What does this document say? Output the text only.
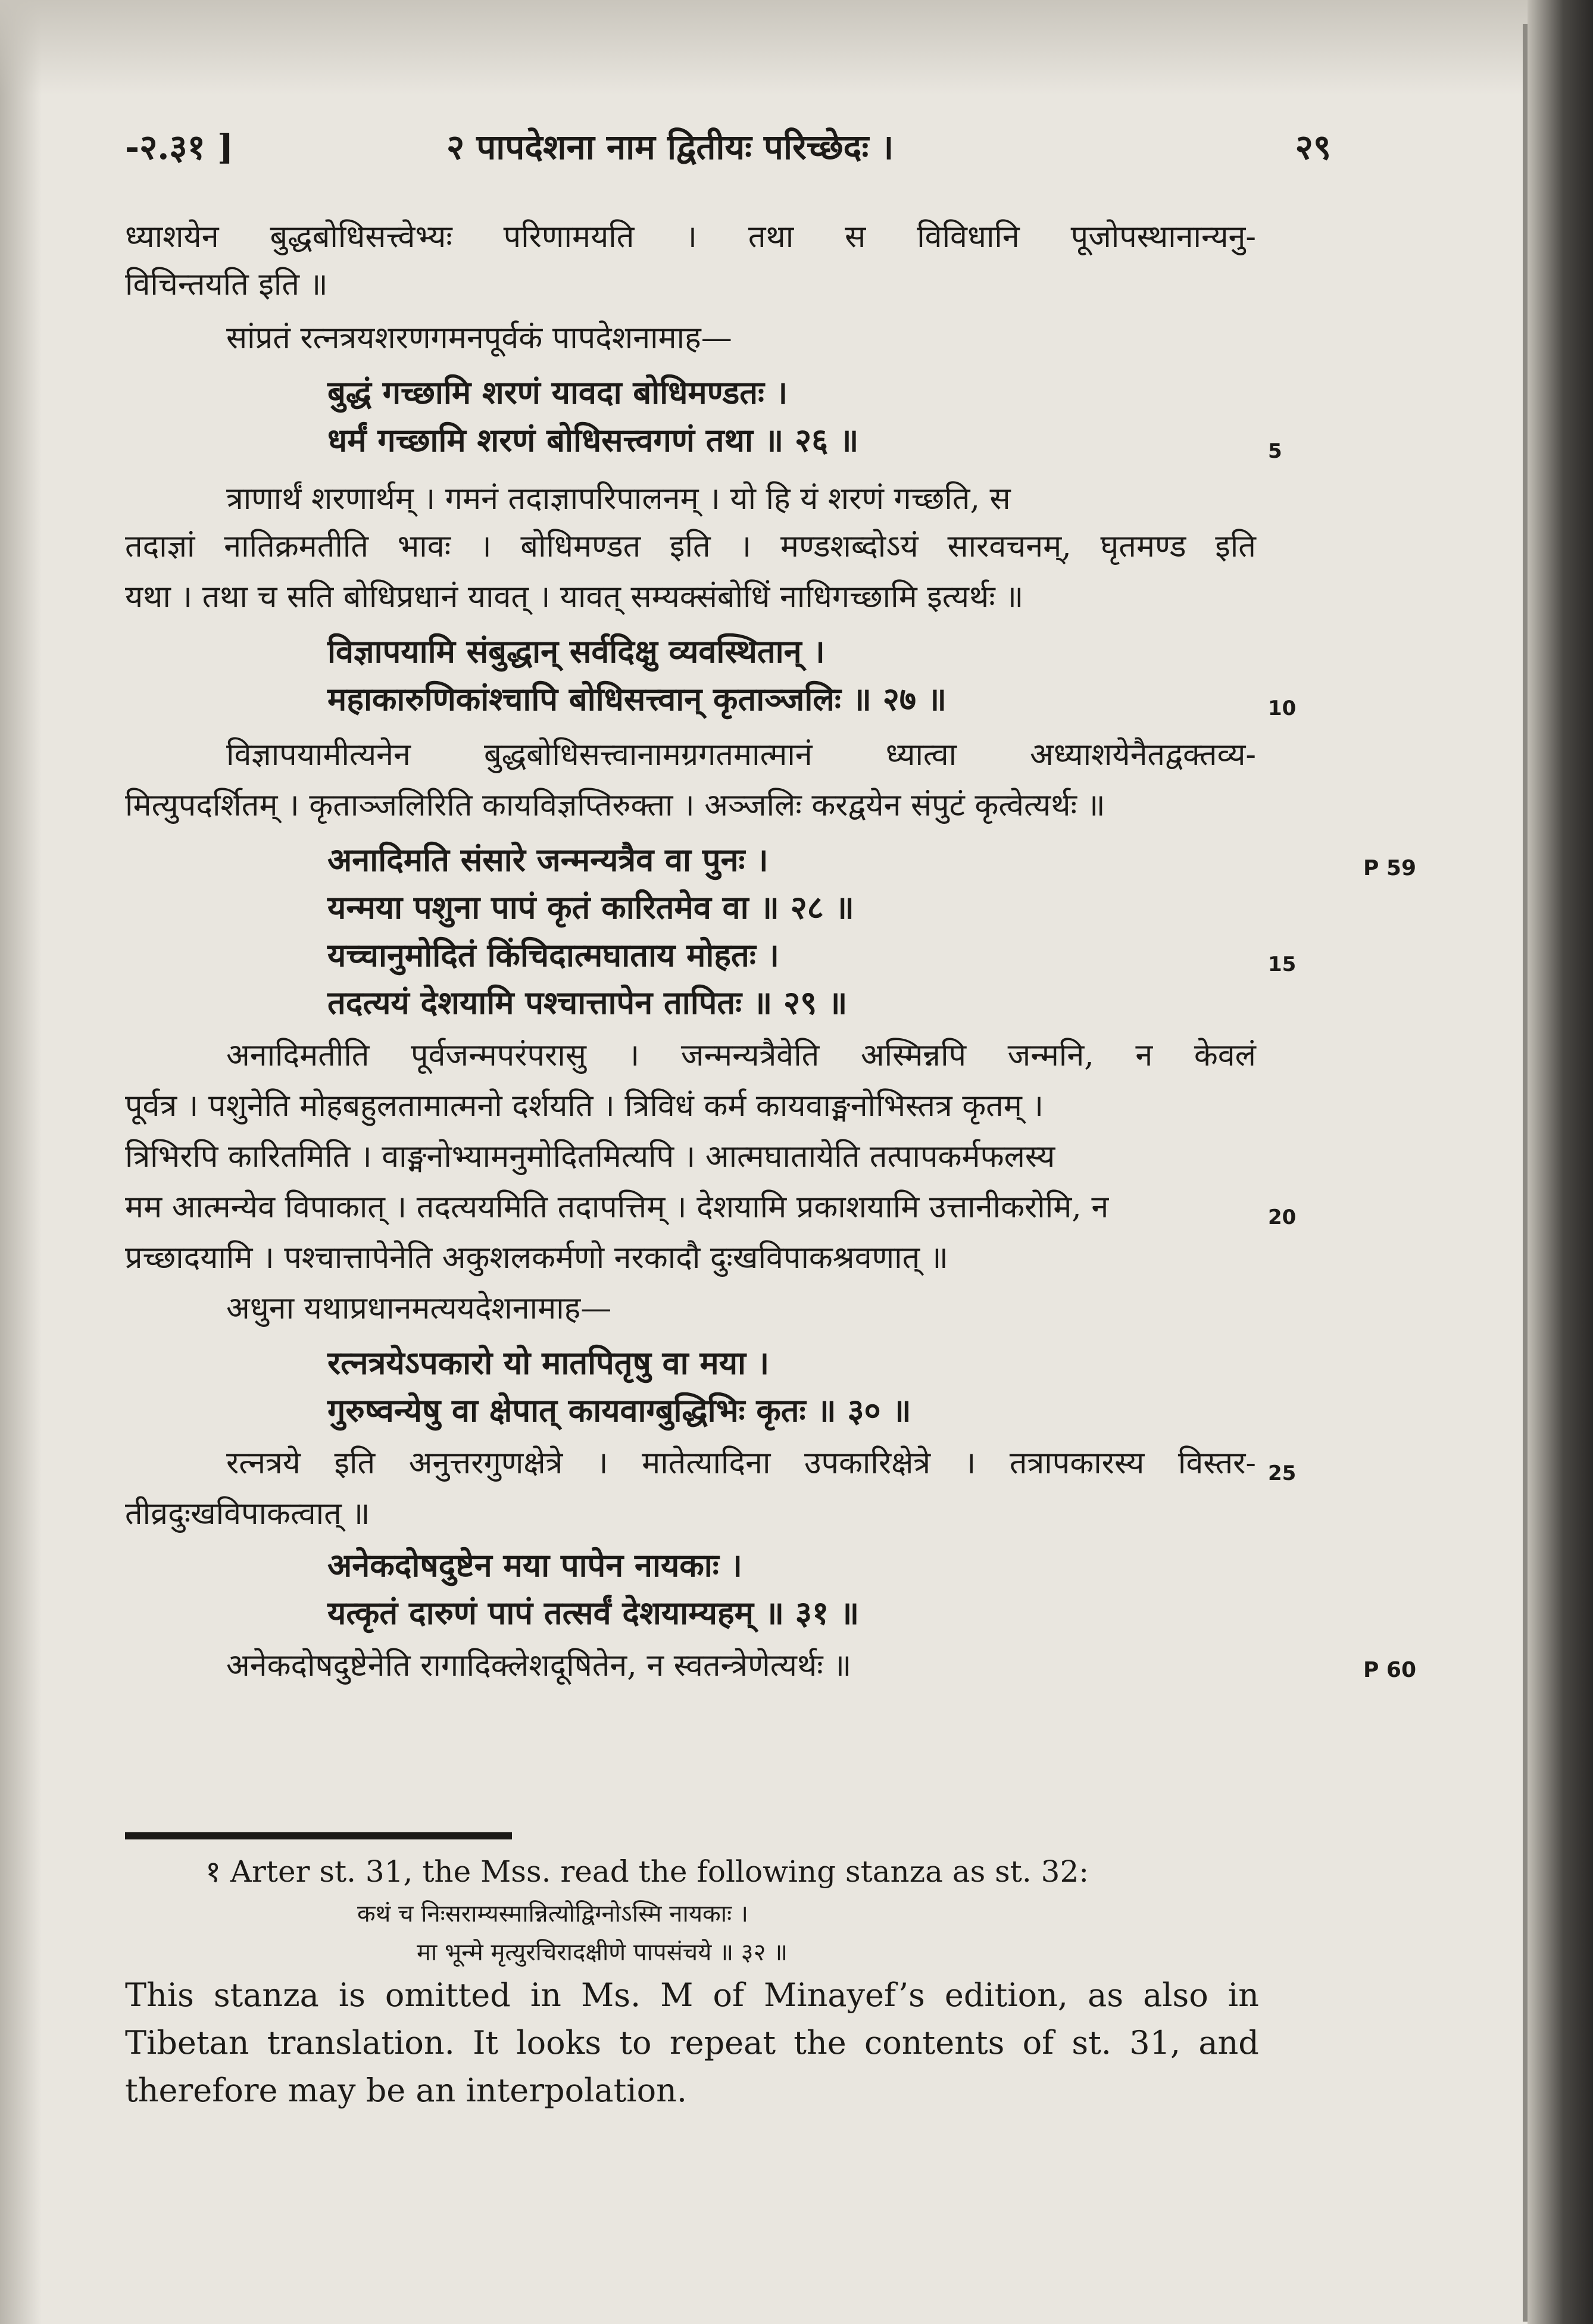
-२.३१ ]	२ पापदेशना नाम द्वितीयः परिच्छेदः ।	२९
ध्याशयेन बुद्धबोधिसत्त्वेभ्यः परिणामयति । तथा स विविधानि पूजोपस्थानान्यनु-
विचिन्तयति इति ॥
सांप्रतं रत्नत्रयशरणगमनपूर्वकं पापदेशनामाह—
बुद्धं गच्छामि शरणं यावदा बोधिमण्डतः ।
धर्मं गच्छामि शरणं बोधिसत्त्वगणं तथा ॥ २६ ॥	5
त्राणार्थं शरणार्थम् । गमनं तदाज्ञापरिपालनम् । यो हि यं शरणं गच्छति, स
तदाज्ञां नातिक्रमतीति भावः । बोधिमण्डत इति । मण्डशब्दोऽयं सारवचनम्, घृतमण्ड इति
यथा । तथा च सति बोधिप्रधानं यावत् । यावत् सम्यक्संबोधिं नाधिगच्छामि इत्यर्थः ॥
विज्ञापयामि संबुद्धान् सर्वदिक्षु व्यवस्थितान् ।
महाकारुणिकांश्चापि बोधिसत्त्वान् कृताञ्जलिः ॥ २७ ॥	10
विज्ञापयामीत्यनेन बुद्धबोधिसत्त्वानामग्रगतमात्मानं ध्यात्वा अध्याशयेनैतद्वक्तव्य-
मित्युपदर्शितम् । कृताञ्जलिरिति कायविज्ञप्तिरुक्ता । अञ्जलिः करद्वयेन संपुटं कृत्वेत्यर्थः ॥
अनादिमति संसारे जन्मन्यत्रैव वा पुनः ।	P 59
यन्मया पशुना पापं कृतं कारितमेव वा ॥ २८ ॥
यच्चानुमोदितं किंचिदात्मघाताय मोहतः ।	15
तदत्ययं देशयामि पश्चात्तापेन तापितः ॥ २९ ॥
अनादिमतीति पूर्वजन्मपरंपरासु । जन्मन्यत्रैवेति अस्मिन्नपि जन्मनि, न केवलं
पूर्वत्र । पशुनेति मोहबहुलतामात्मनो दर्शयति । त्रिविधं कर्म कायवाङ्मनोभिस्तत्र कृतम् ।
त्रिभिरपि कारितमिति । वाङ्मनोभ्यामनुमोदितमित्यपि । आत्मघातायेति तत्पापकर्मफलस्य
मम आत्मन्येव विपाकात् । तदत्ययमिति तदापत्तिम् । देशयामि प्रकाशयामि उत्तानीकरोमि, न	20
प्रच्छादयामि । पश्चात्तापेनेति अकुशलकर्मणो नरकादौ दुःखविपाकश्रवणात् ॥
अधुना यथाप्रधानमत्ययदेशनामाह—
रत्नत्रयेऽपकारो यो मातपितृषु वा मया ।
गुरुष्वन्येषु वा क्षेपात् कायवाग्बुद्धिभिः कृतः ॥ ३० ॥
रत्नत्रये इति अनुत्तरगुणक्षेत्रे । मातेत्यादिना उपकारिक्षेत्रे । तत्रापकारस्य विस्तर- 25
तीव्रदुःखविपाकत्वात् ॥
अनेकदोषदुष्टेन मया पापेन नायकाः ।
यत्कृतं दारुणं पापं तत्सर्वं देशयाम्यहम् ॥ ३१ ॥
अनेकदोषदुष्टेनेति रागादिक्लेशदूषितेन, न स्वतन्त्रेणेत्यर्थः ॥	P 60
१ Arter st. 31, the Mss. read the following stanza as st. 32:
कथं च निःसराम्यस्मान्नित्योद्विग्नोऽस्मि नायकाः ।
मा भून्मे मृत्युरचिरादक्षीणे पापसंचये ॥ ३२ ॥
This stanza is omitted in Ms. M of Minayef’s edition, as also in
Tibetan translation. It looks to repeat the contents of st. 31, and
therefore may be an interpolation.
